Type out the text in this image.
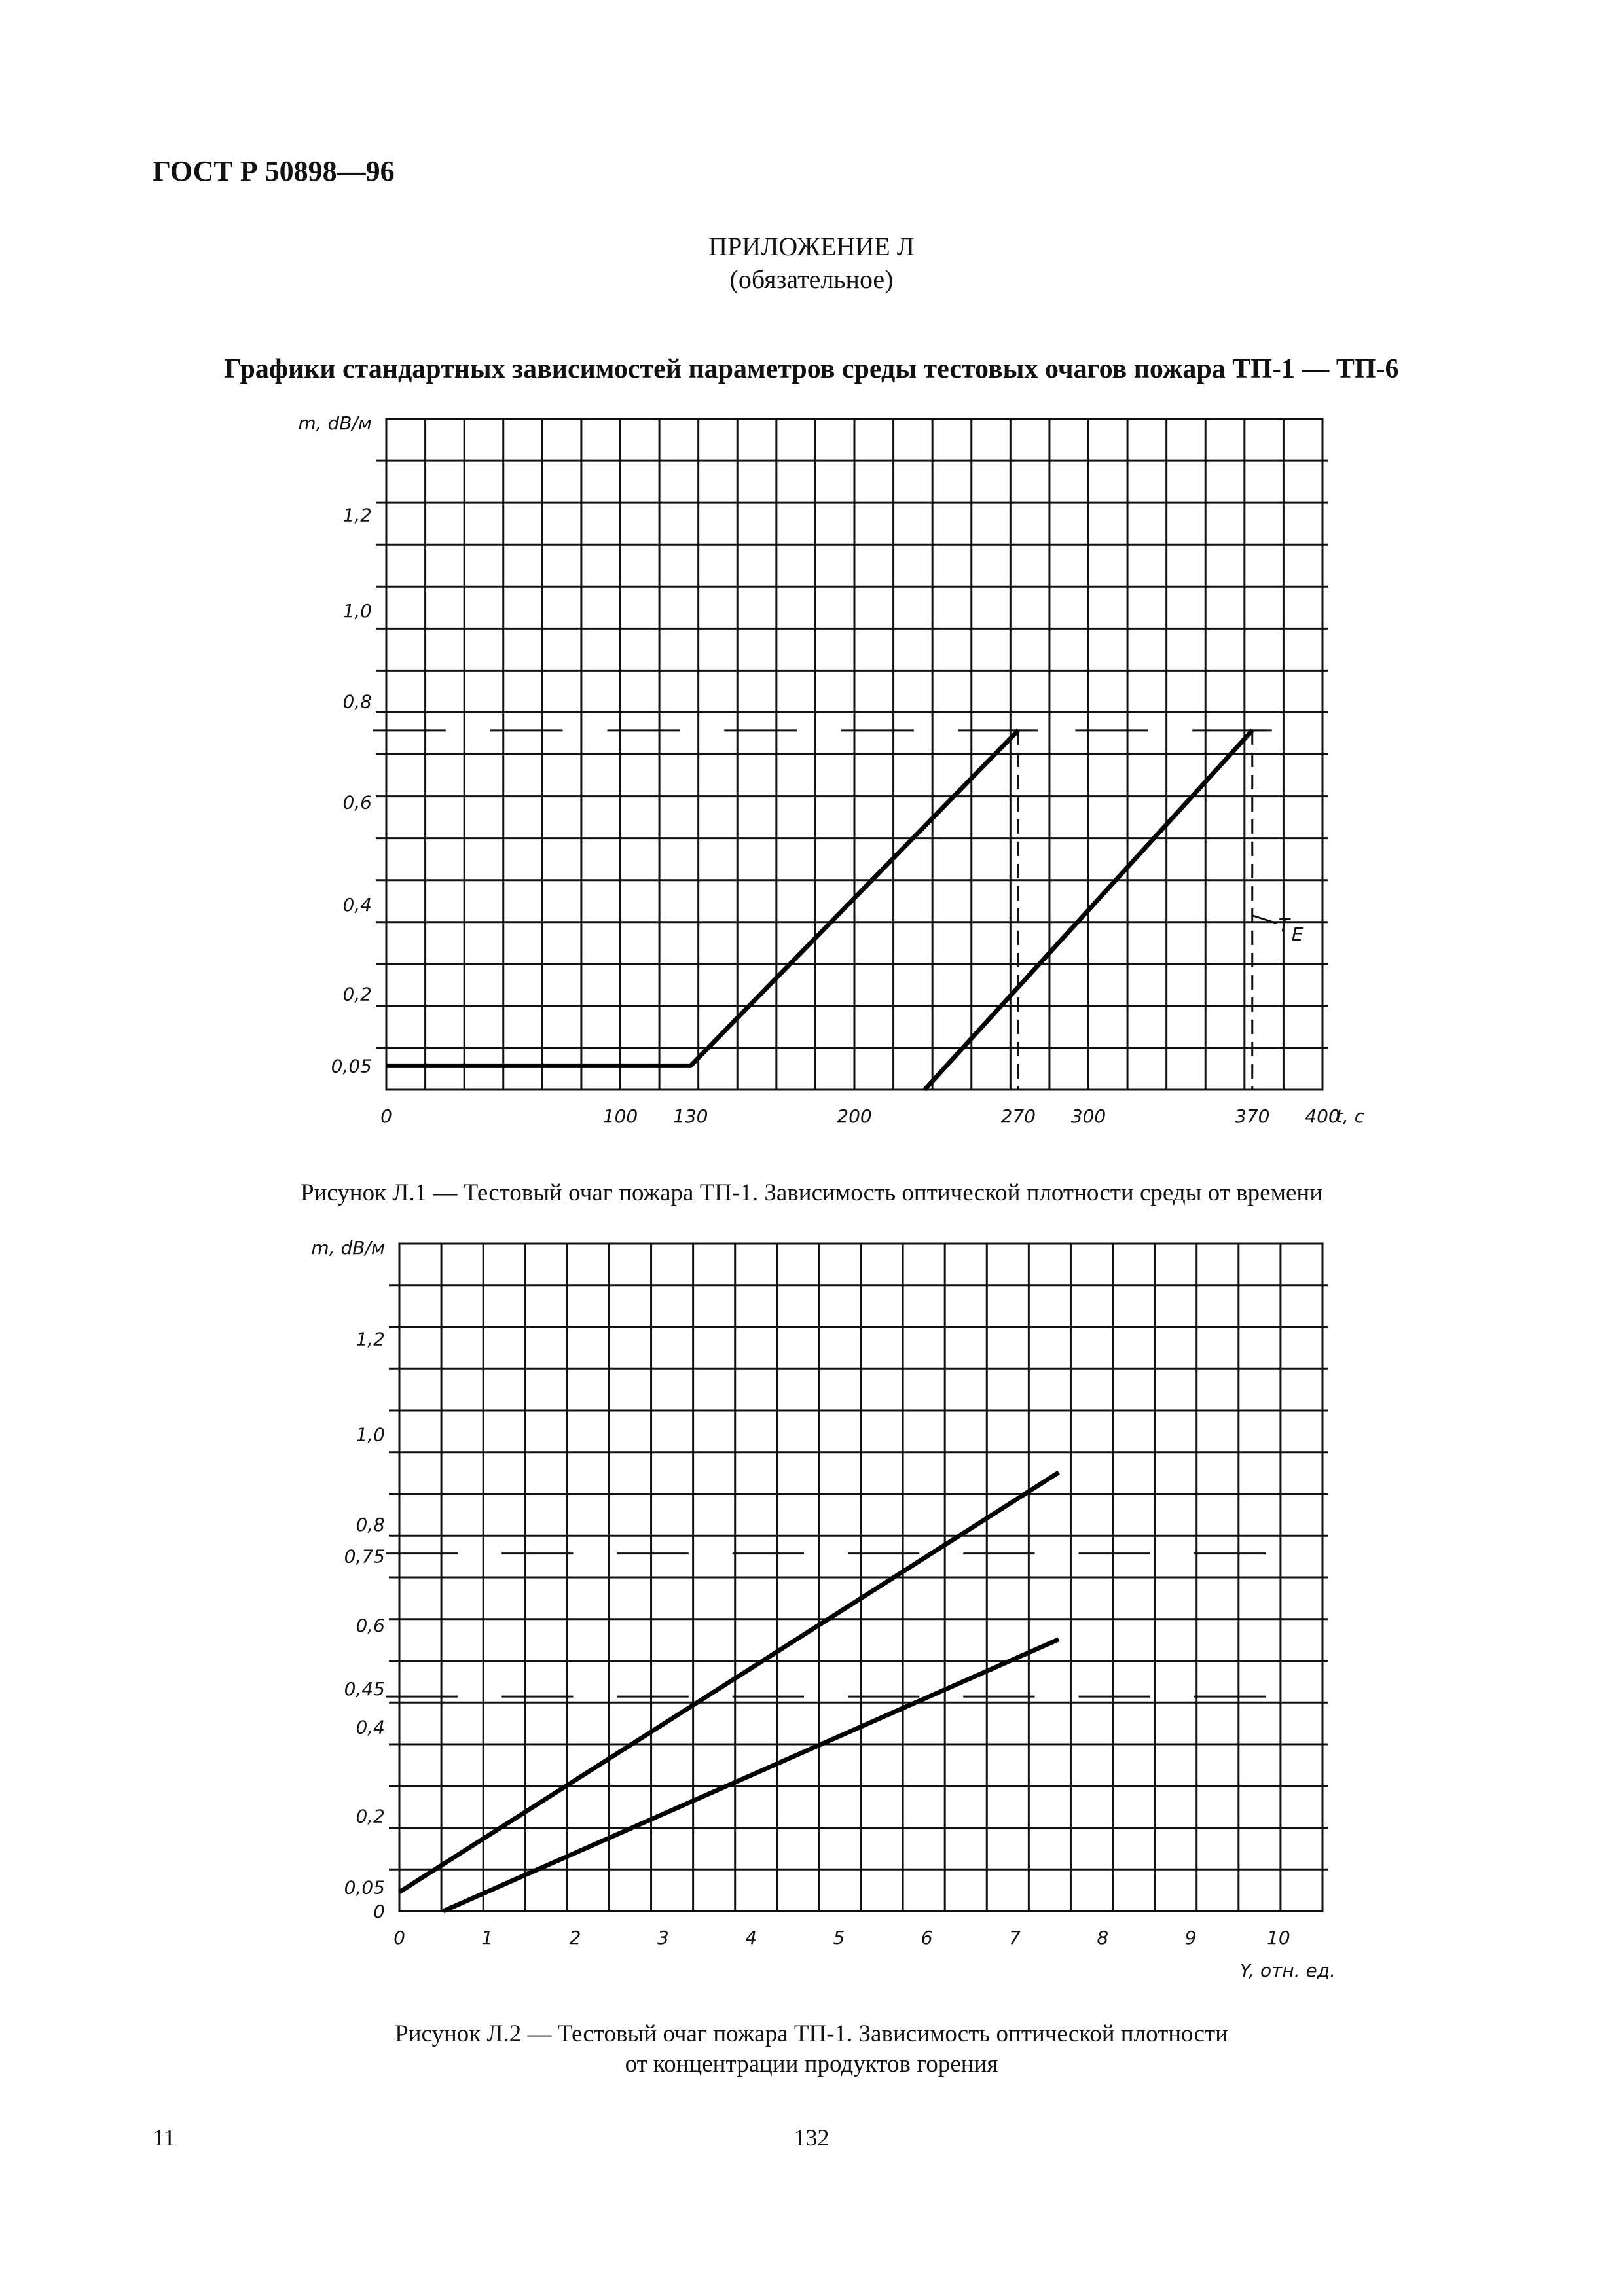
ГОСТ Р 50898—96
ПРИЛОЖЕНИЕ Л
(обязательное)
Графики стандартных зависимостей параметров среды тестовых очагов пожара ТП-1 — ТП-6
0,05
0,2
0,4
0,6
0,8
1,0
1,2
0	100 130	200	270 300	370 400
m, dB/м
t, c
T E
Рисунок Л.1 — Тестовый очаг пожара ТП-1. Зависимость оптической плотности среды от времени
0
0,05
0,2
0,4
0,45
0,6
0,75
0,8
1,0
1,2
0	1	2	3	4	5	6	7	8	9	10
m, dB/м
Y, отн. ед.
Рисунок Л.2 — Тестовый очаг пожара ТП-1. Зависимость оптической плотности
от концентрации продуктов горения
11	132
